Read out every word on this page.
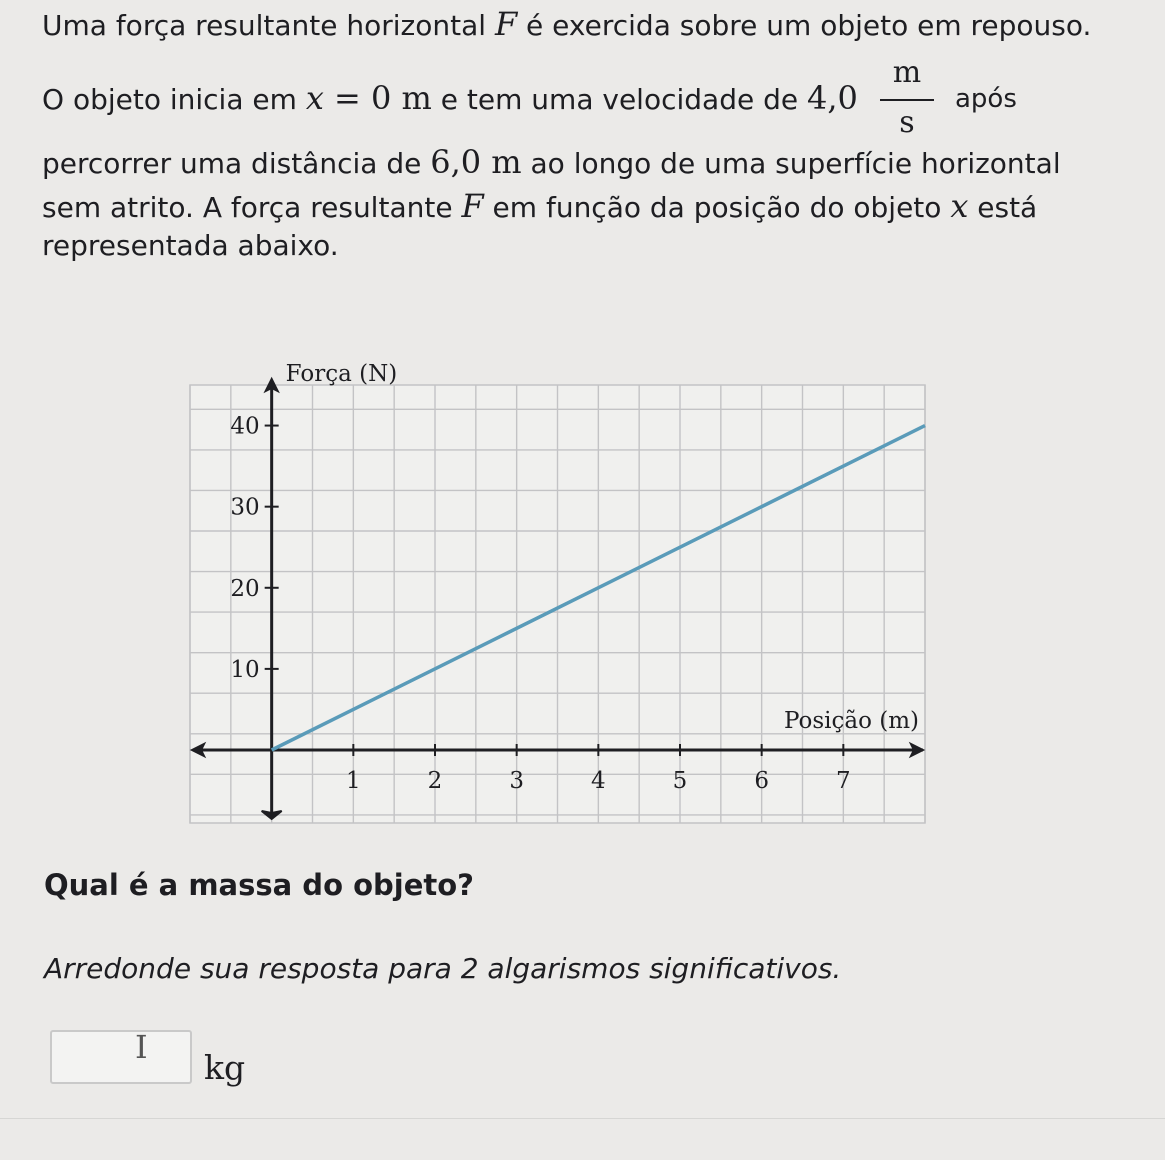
Uma força resultante horizontal F é exercida sobre um objeto em repouso.
O objeto inicia em x = 0 m e tem uma velocidade de 4,0
m
s
após
percorrer uma distância de 6,0 m ao longo de uma superfície horizontal
sem atrito. A força resultante F em função da posição do objeto x está
representada abaixo.
1	2	3	4	5	6	7
10
20
30
40
Força (N)
Posição (m)
Qual é a massa do objeto?
Arredonde sua resposta para 2 algarismos significativos.
I
kg
